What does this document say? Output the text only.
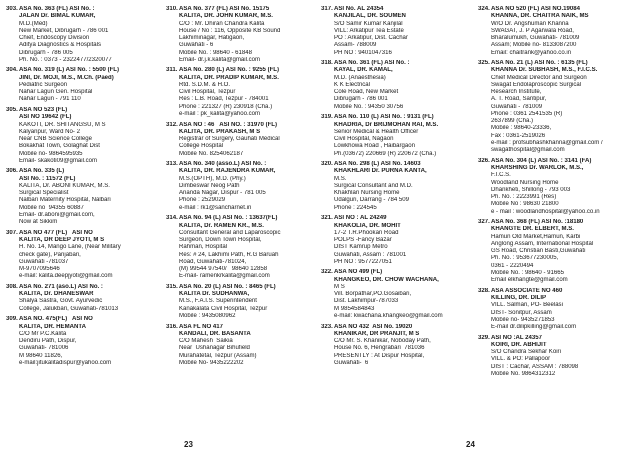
303.ASA No. 363 (FL) ASI No. :
JALAN Dr. BIMAL KUMAR,
M.D.(Med)
New Market, Dibrugarh - 786 001
Chief, Endoscopy Division
Aditya Diagnostics & Hospitals
Dibrugarh - 786 005
Ph. No. : 0373 - 2322477/2320077
304.ASA No. 319 (L) ASI No. : 5500 (FL)
JINI, Dr. MOJI, M.S., M.Ch. (Paed)
Pediatric Surgeon
Nahar Lagun Gen. Hospital
Nahar Lagun - 791 110
305.ASA NO 523 (FL)
ASI NO 19642 (FL)
KAKOTI, DR. SHITANGSU, M S
Kalyanpur, Ward No- 2
Near CNB Science College
Bokakhat Town, Golaghat Dist
Mobile no- 9864595935
Email- skakoti09@gmail.com
306.ASA No. 335 (L)
ASI No. : 11572 (FL)
KALITA, Dr. ABONI KUMAR, M.S.
Surgical Specialist
Nalbari Maternity Hospital, Nalbari
Mobile no  94355 60887
Email- dr.aboni@gmail.com,
Now at Sikkim
307.ASA NO 477 (FL)   ASI NO
KALITA, DR DEEP JYOTI, M S
H. No. 14, Mango Lane, (Near Military
check gate), Panjabari,
Guwahati -781037
M-9707095646
e-mail: kalita.deepjyoti@gmail.com
308.ASA No. 271 (asо.L) ASI No. :
KALITA, Dr. DHANESWAR
Shalya Sastra, Govt. Ayurvedic
College, Jalukbari, Guwahati-781013
309.ASA NO. 475(FL)   ASI NO
KALITA, DR. HEMANTA
C/O Mr P.C.Kalita
Dendiru Path, Dispur,
Guwahati- 781006
M 98640 11826,
e-mail:jitukalitadispur@yahoo.com
310.ASA No. 377 (FL) ASI No. 15175
KALITA, DR. JOHN KUMAR, M.S.
C/O : Mr. Dhiran Chandra Kalita
House / No : 116, Opposite KB Sound
Lakhiminagar, Hatigaon,
Guwahati - 6
Mobile No. : 98640 - 61848
Email- dr.j.k.kalita@gmail.com
311. ASA No. 280 (L) ASI No. : 9255 (FL)
KALITA, DR. PRADIP KUMAR, M.S.
Rtd. S.D.M. & H.O.
Civil Hospital, Tezpur
Res : L.B. Road, Tezpur - 784001
Phone : 221327 (R) 230918 (Cha.)
e-mail : pk_kalita@yahoo.com
312.ASA NO : 46   ASI NO. : 31970 (FL)
KALITA, DR. PRAKASH, M S
Registrar of Surgery, Gauhati Medical
College Hospital
Mobile No. 8254062187
313.ASA No. 340 (asso.L) ASI No. :
KALITA, DR. RAJENDRA KUMAR,
M.S.(OPTH), M.D. (Phy.)
Dimbeswar Neog Path
Ananda Nagar, Dispur - 781 005
Phone : 2529029
e-mail : rk1@sancharnet.in
314.ASA No. 94 (L) ASI No. : 13637(FL)
KALITA, Dr. RAMEN KR., M.S.
Consultant General and Laparoscopic
Surgeon, Down Town Hospital,
Rahman, Hospital
Res: # 24, Lakhimi Path, R.G Baruah
Road, Guwahati-781024,
(M) 99544 97540/   98640 12858
E-mail- ramenkrkalita@gmail.com
315.ASA No. 20 (L) ASI No. : 8465 (FL)
KALITA Dr. SUDHANWA,
M.S., F.A.I.S. Superintendent
Kanakalata Civil Hospital, Tezpur
Mobile : 9435080962
316.ASA FL NO 417
KANDALI, DR. BASANTA
C/O Mahesh  Saikia
Near  Ushanagar Bihufield
Murahatetal, Tezpur (Assam)
Mobile No- 9435222202
317.ASI No. AL 24354
KANJILAL, DR. SOUMEN
S/O Samir Kumar Kanjilal
VILL: Arkatipur Tea Estate
PO : Arkatipur, Dist. Cachar
Assam- 788009
PH NO : 9401047316
318.ASA No. 361 (FL) ASI No. :
KAYAL, DR. KAMAL,
M.D. (Anaesthesia)
K K Electrical
Cole Road, New Market
Dibrugarh - 786 001
Mobile No. : 94350 30756
319.ASA No. 110 (L) ASI No. : 9131 (FL)
KHADRIA, Dr BRIJMOHAN RAI, M.S.
Senior Medical & Health Officer
Civil Hospital, Nagaon
Lowkhowa Road , Haibargaon
Ph.(03672) 220669 (R) 220672 (Cha.)
320.ASA No. 298 (L) ASI No. 14603
KHAKHLARI Dr. PURNA KANTA,
M.S.
Surgical Consultant and M.D.
Khakhlari Nursing Home
Udalguri, Darrang - 784 509
Phone : 224545
321.ASI NO : AL 24249
KHAKOLIA, DR. MOHIT
17-2 T.R.Phookan Road
POLPS -Fancy Bazar
DIST Kamrup Metro
Guwahati, Assam : 781001
PH NO : 9577227051
322.ASA NO 499 (FL)
KHANGKEO, DR. CHOW WACHANA,
M S
Vill. Borpathar,PO.Gosaibari,
Dist. Lakhimpur-787033
M 9854584843
e-mail: kwachana.khangkeo@gmail.com
323.ASA NO 432  ASI No. 19020
KHANIKAR, DR PRANJIT, M S
C/O Mr. S. Khanikar, Noboday Path,
House No. 6, Hengrabari  781036
PRESENTLY : At Dispur Hospital,
Guwahati-  6
324.ASA NO 520 (FL) ASI NO.19084
KHANNA, DR. CHAITRA NAIK, MS
W/O Dr. Angshuman Khanna
SWAGAT, J. P Agarwala Road,
Bharalumukh, Guwahati- 781009
Assam; Mobile no- 8133087200
Email: chaitrank@yahoo.co.in
325.ASA No. 21 (L) ASI No. : 6135 (FL)
KHANNA Dr. SUBHASH, M.S., F.I.C.S.
Chief Medical Director and Surgeon
Swagat Endolaproscopic Surgical
Research Institute,
A. T. Road, Santipur,
Guwahati - 781009
Phone : 0361 2541535 (R)
2637899 (Cha.)
Mobile : 98640-23336,
Fax : 0361-2519026
e-mail : profsubhashkhanna@gmail.com /
swagathospital@gmail.com
326.ASA No. 304 (L) ASI No. : 3141 (FA)
KHARSHING Dr. WARLOK, M.S.,
F.I.C.S.
Woodland Nursing Home
Dhankheti, Shillong - 793 003
Ph. No. : 2223991 (Res)
Mobile No : 98630 21800
e - mail : woodlandhospital@yahoo.co.in
327.ASA No. 368 (FL) ASI No. :18180
KHANGTE DR. ELBERT, M.S.
Hamun Old Market,Hamun, Karbi
Anglong Assam, International Hospital
GS Road, Christian Basti,Guwahati
Ph. No. : 953677230005,
0361 - 2220494
Mobile No. : 98640 - 91665
Email elkhangte@gmail.com
328.ASA ASSOCIATE NO 460
KILLING, DR. DILIP
VILL. Salmari, PO- Beelasi
DIST- Sonitpur, Assam
Mobile no- 9435271853
E-mail dr.dilipkilling@gmail.com
329.ASI NO :AL 24357
KOIRI, DR. ABHIJIT
S/O Chandra Sekhar Koiri
VILL. & PO: Pallapoor
DIST : Cachar, ASSAM : 788098
Mobile No. 9864312312
23	24
